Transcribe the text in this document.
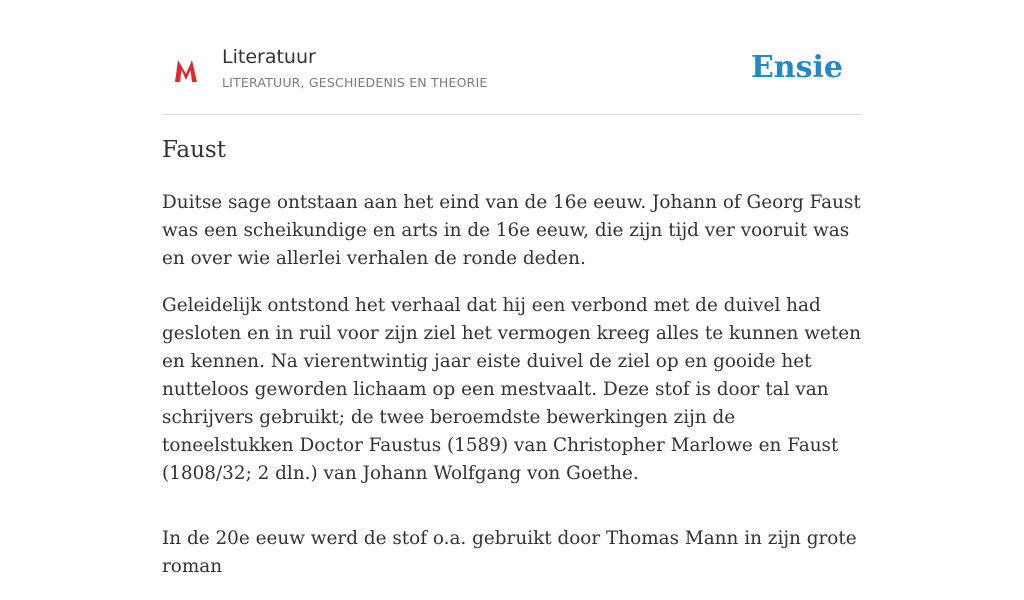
Literatuur
LITERATUUR, GESCHIEDENIS EN THEORIE	Ensie
Faust

Duitse sage ontstaan aan het eind van de 16e eeuw. Johann of Georg Faust was een scheikundige en arts in de 16e eeuw, die zijn tijd ver vooruit was en over wie allerlei verhalen de ronde deden.

Geleidelijk ontstond het verhaal dat hij een verbond met de duivel had gesloten en in ruil voor zijn ziel het vermogen kreeg alles te kunnen weten en kennen. Na vierentwintig jaar eiste duivel de ziel op en gooide het nutteloos geworden lichaam op een mestvaalt. Deze stof is door tal van schrijvers gebruikt; de twee beroemdste bewerkingen zijn de toneelstukken Doctor Faustus (1589) van Christopher Marlowe en Faust (1808/32; 2 dln.) van Johann Wolfgang von Goethe.

In de 20e eeuw werd de stof o.a. gebruikt door Thomas Mann in zijn grote roman
